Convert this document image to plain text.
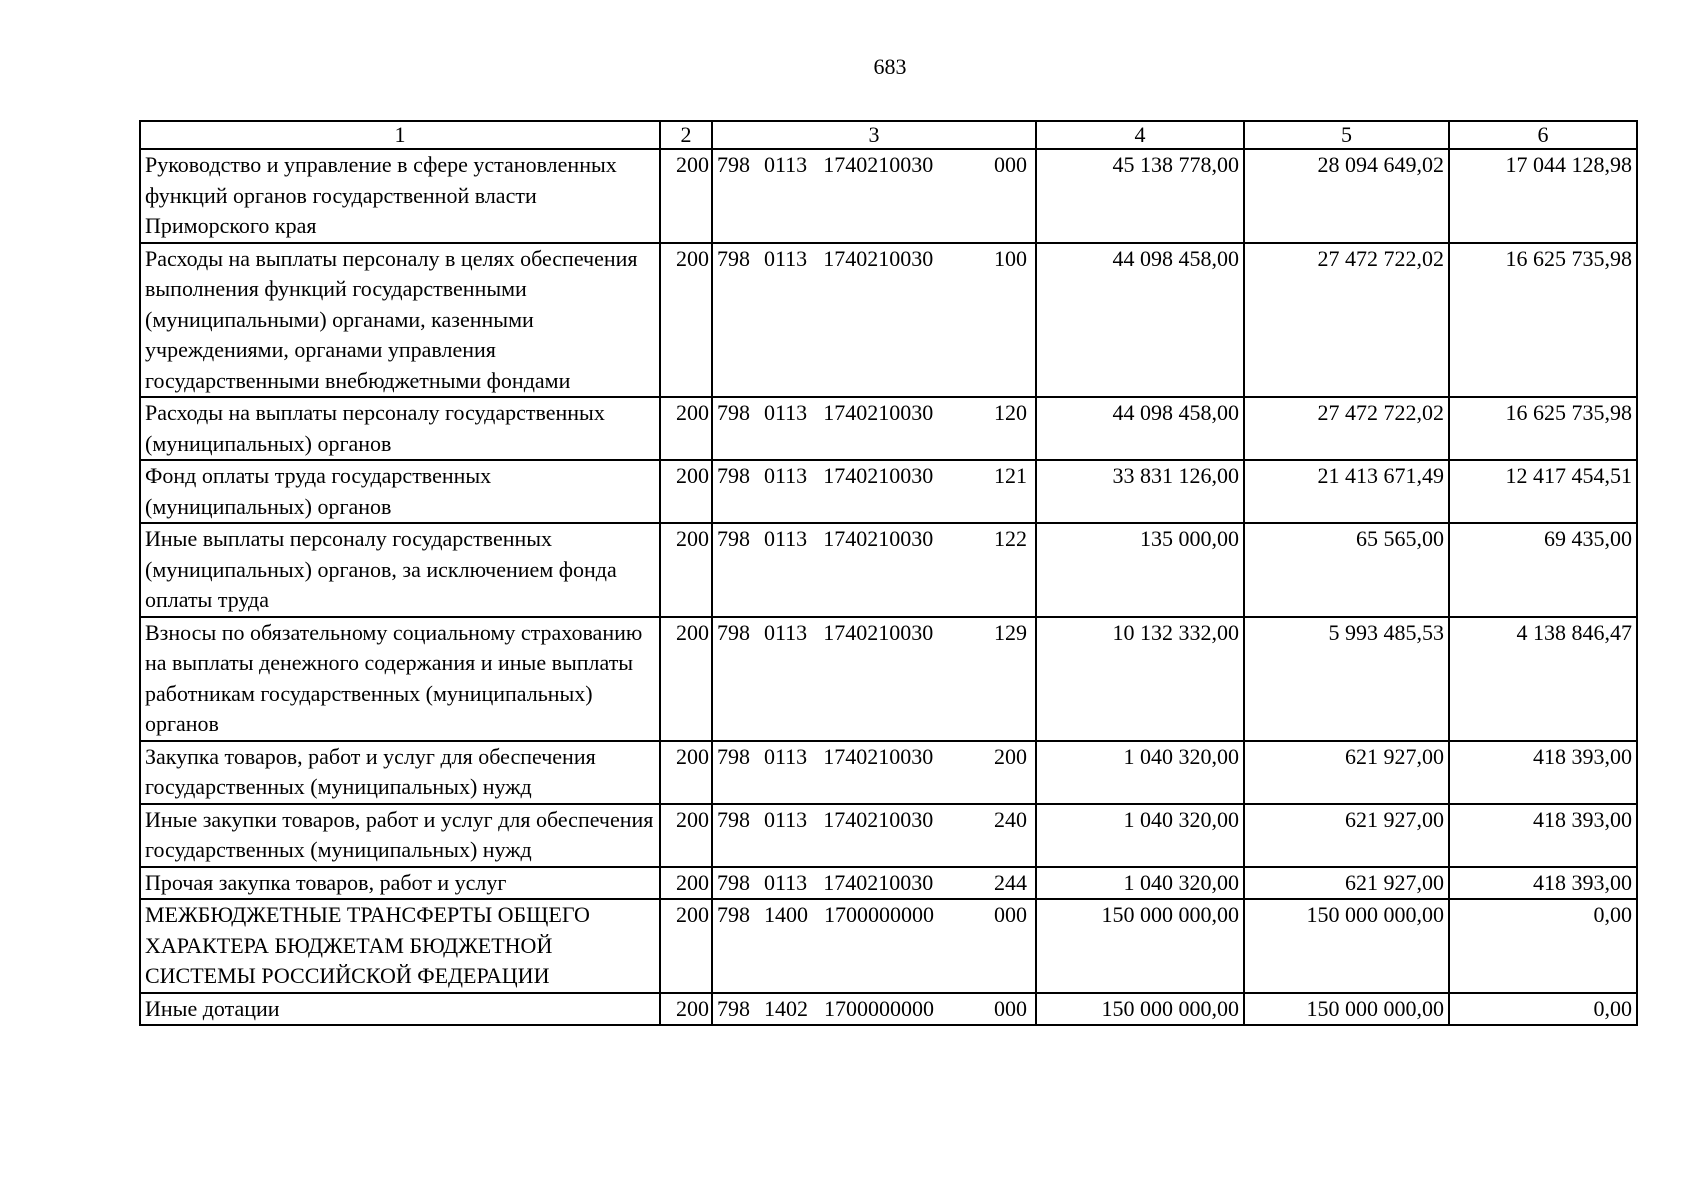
683
1	2	3	4	5	6
Руководство и управление в сфере установленных функций органов государственной власти Приморского края	200	798 0113 1740210030 000	45 138 778,00	28 094 649,02	17 044 128,98
Расходы на выплаты персоналу в целях обеспечения выполнения функций государственными (муниципальными) органами, казенными учреждениями, органами управления государственными внебюджетными фондами	200	798 0113 1740210030 100	44 098 458,00	27 472 722,02	16 625 735,98
Расходы на выплаты персоналу государственных (муниципальных) органов	200	798 0113 1740210030 120	44 098 458,00	27 472 722,02	16 625 735,98
Фонд оплаты труда государственных (муниципальных) органов	200	798 0113 1740210030 121	33 831 126,00	21 413 671,49	12 417 454,51
Иные выплаты персоналу государственных (муниципальных) органов, за исключением фонда оплаты труда	200	798 0113 1740210030 122	135 000,00	65 565,00	69 435,00
Взносы по обязательному социальному страхованию на выплаты денежного содержания и иные выплаты работникам государственных (муниципальных) органов	200	798 0113 1740210030 129	10 132 332,00	5 993 485,53	4 138 846,47
Закупка товаров, работ и услуг для обеспечения государственных (муниципальных) нужд	200	798 0113 1740210030 200	1 040 320,00	621 927,00	418 393,00
Иные закупки товаров, работ и услуг для обеспечения государственных (муниципальных) нужд	200	798 0113 1740210030 240	1 040 320,00	621 927,00	418 393,00
Прочая закупка товаров, работ и услуг	200	798 0113 1740210030 244	1 040 320,00	621 927,00	418 393,00
МЕЖБЮДЖЕТНЫЕ ТРАНСФЕРТЫ ОБЩЕГО ХАРАКТЕРА БЮДЖЕТАМ БЮДЖЕТНОЙ СИСТЕМЫ РОССИЙСКОЙ ФЕДЕРАЦИИ	200	798 1400 1700000000 000	150 000 000,00	150 000 000,00	0,00
Иные дотации	200	798 1402 1700000000 000	150 000 000,00	150 000 000,00	0,00
